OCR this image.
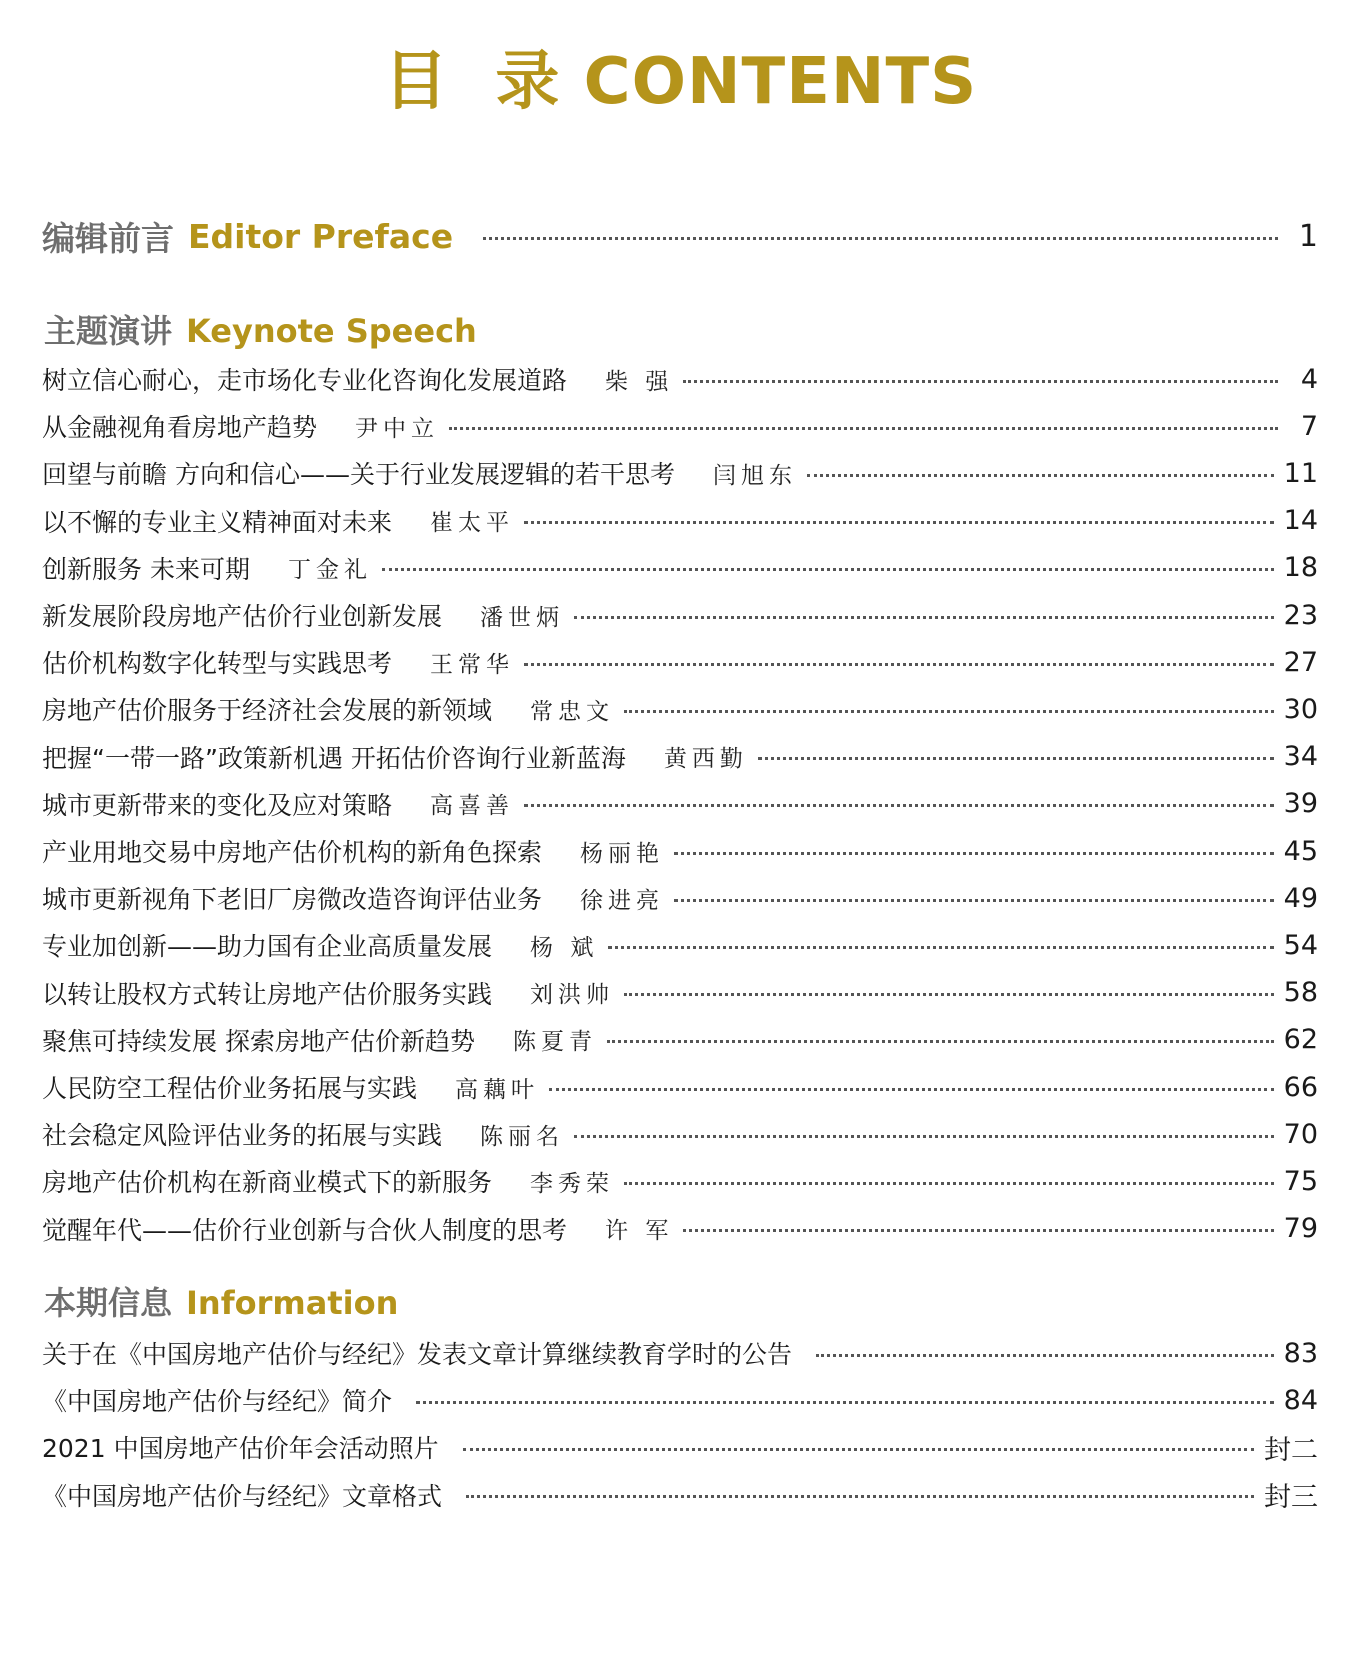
目  录 CONTENTS
编辑前言 Editor Preface	1
主题演讲 Keynote Speech
树立信心耐心，走市场化专业化咨询化发展道路 柴 强	4
从金融视角看房地产趋势 尹中立	7
回望与前瞻 方向和信心——关于行业发展逻辑的若干思考 闫旭东	11
以不懈的专业主义精神面对未来 崔太平	14
创新服务 未来可期 丁金礼	18
新发展阶段房地产估价行业创新发展 潘世炳	23
估价机构数字化转型与实践思考 王常华	27
房地产估价服务于经济社会发展的新领域 常忠文	30
把握“一带一路”政策新机遇 开拓估价咨询行业新蓝海 黄西勤	34
城市更新带来的变化及应对策略 高喜善	39
产业用地交易中房地产估价机构的新角色探索 杨丽艳	45
城市更新视角下老旧厂房微改造咨询评估业务 徐进亮	49
专业加创新——助力国有企业高质量发展 杨 斌	54
以转让股权方式转让房地产估价服务实践 刘洪帅	58
聚焦可持续发展 探索房地产估价新趋势 陈夏青	62
人民防空工程估价业务拓展与实践 高藕叶	66
社会稳定风险评估业务的拓展与实践 陈丽名	70
房地产估价机构在新商业模式下的新服务 李秀荣	75
觉醒年代——估价行业创新与合伙人制度的思考 许 军	79
本期信息 Information
关于在《中国房地产估价与经纪》发表文章计算继续教育学时的公告	83
《中国房地产估价与经纪》简介	84
2021 中国房地产估价年会活动照片	封二
《中国房地产估价与经纪》文章格式	封三
